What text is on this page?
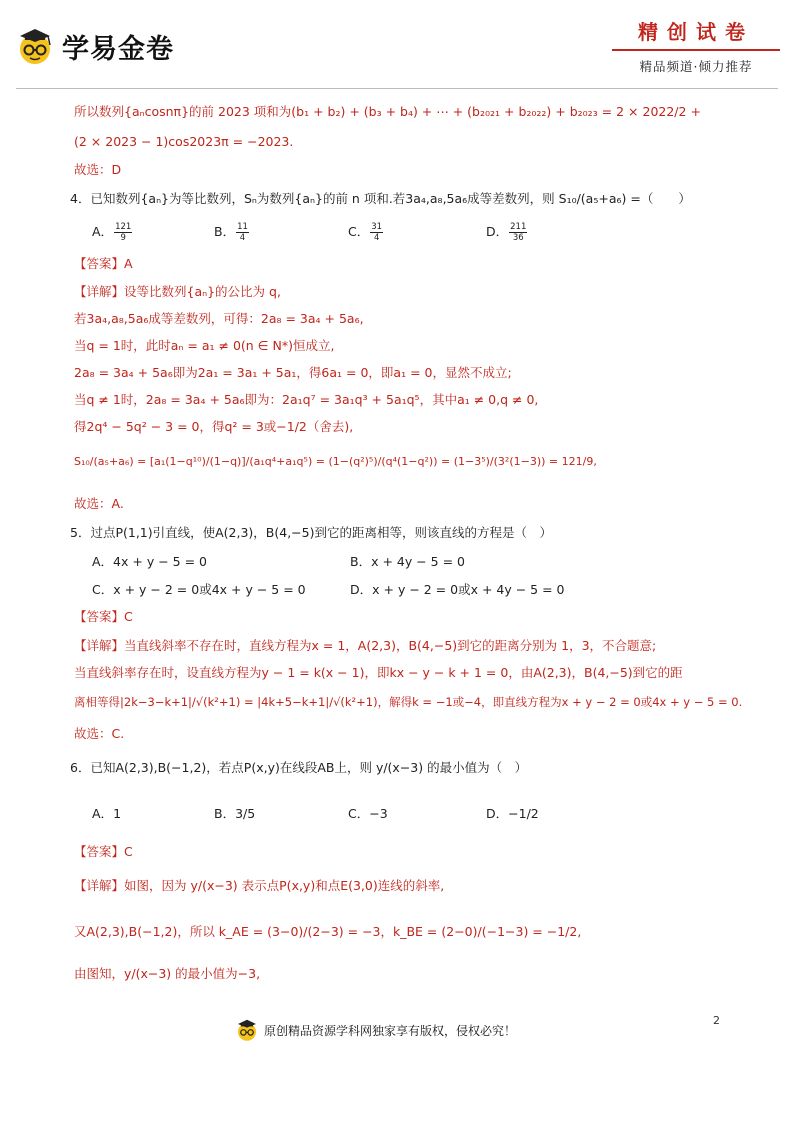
学易金卷
精创试卷
精品频道·倾力推荐
所以数列{aₙcosnπ}的前 2023 项和为(b₁ + b₂) + (b₃ + b₄) + ⋯ + (b₂₀₂₁ + b₂₀₂₂) + b₂₀₂₃ = 2 × 2022/2 +
(2 × 2023 − 1)cos2023π = −2023.
故选：D
4．已知数列{aₙ}为等比数列，Sₙ为数列{aₙ}的前 n 项和.若3a₄,a₈,5a₆成等差数列，则 S₁₀/(a₅+a₆) =（　　）
A． $\frac{121}{9}$	B． $\frac{11}{4}$	C． $\frac{31}{4}$	D． $\frac{211}{36}$
【答案】A
【详解】设等比数列{aₙ}的公比为 q,
若3a₄,a₈,5a₆成等差数列，可得：2a₈ = 3a₄ + 5a₆,
当q = 1时，此时aₙ = a₁ ≠ 0(n ∈ N*)恒成立,
2a₈ = 3a₄ + 5a₆即为2a₁ = 3a₁ + 5a₁，得6a₁ = 0，即a₁ = 0，显然不成立;
当q ≠ 1时，2a₈ = 3a₄ + 5a₆即为：2a₁q⁷ = 3a₁q³ + 5a₁q⁵，其中a₁ ≠ 0,q ≠ 0,
得2q⁴ − 5q² − 3 = 0，得q² = 3或−1/2（舍去),
S₁₀/(a₅+a₆) = [a₁(1−q¹⁰)/(1−q)]/(a₁q⁴+a₁q⁵) = (1−(q²)⁵)/(q⁴(1−q²)) = (1−3⁵)/(3²(1−3)) = 121/9,
故选：A.
5．过点P(1,1)引直线，使A(2,3)，B(4,−5)到它的距离相等，则该直线的方程是（　）
A．4x + y − 5 = 0	B．x + 4y − 5 = 0
C．x + y − 2 = 0或4x + y − 5 = 0	D．x + y − 2 = 0或x + 4y − 5 = 0
【答案】C
【详解】当直线斜率不存在时，直线方程为x = 1，A(2,3)，B(4,−5)到它的距离分别为 1，3，不合题意;
当直线斜率存在时，设直线方程为y − 1 = k(x − 1)，即kx − y − k + 1 = 0，由A(2,3)，B(4,−5)到它的距
离相等得|2k−3−k+1|/√(k²+1) = |4k+5−k+1|/√(k²+1)，解得k = −1或−4，即直线方程为x + y − 2 = 0或4x + y − 5 = 0.
故选：C.
6．已知A(2,3),B(−1,2)，若点P(x,y)在线段AB上，则 y/(x−3) 的最小值为（　）
A．1	B．3/5	C．−3	D．−1/2
【答案】C
【详解】如图，因为 y/(x−3) 表示点P(x,y)和点E(3,0)连线的斜率,
又A(2,3),B(−1,2)，所以 k_AE = (3−0)/(2−3) = −3，k_BE = (2−0)/(−1−3) = −1/2,
由图知，y/(x−3) 的最小值为−3,
原创精品资源学科网独家享有版权，侵权必究！
2
